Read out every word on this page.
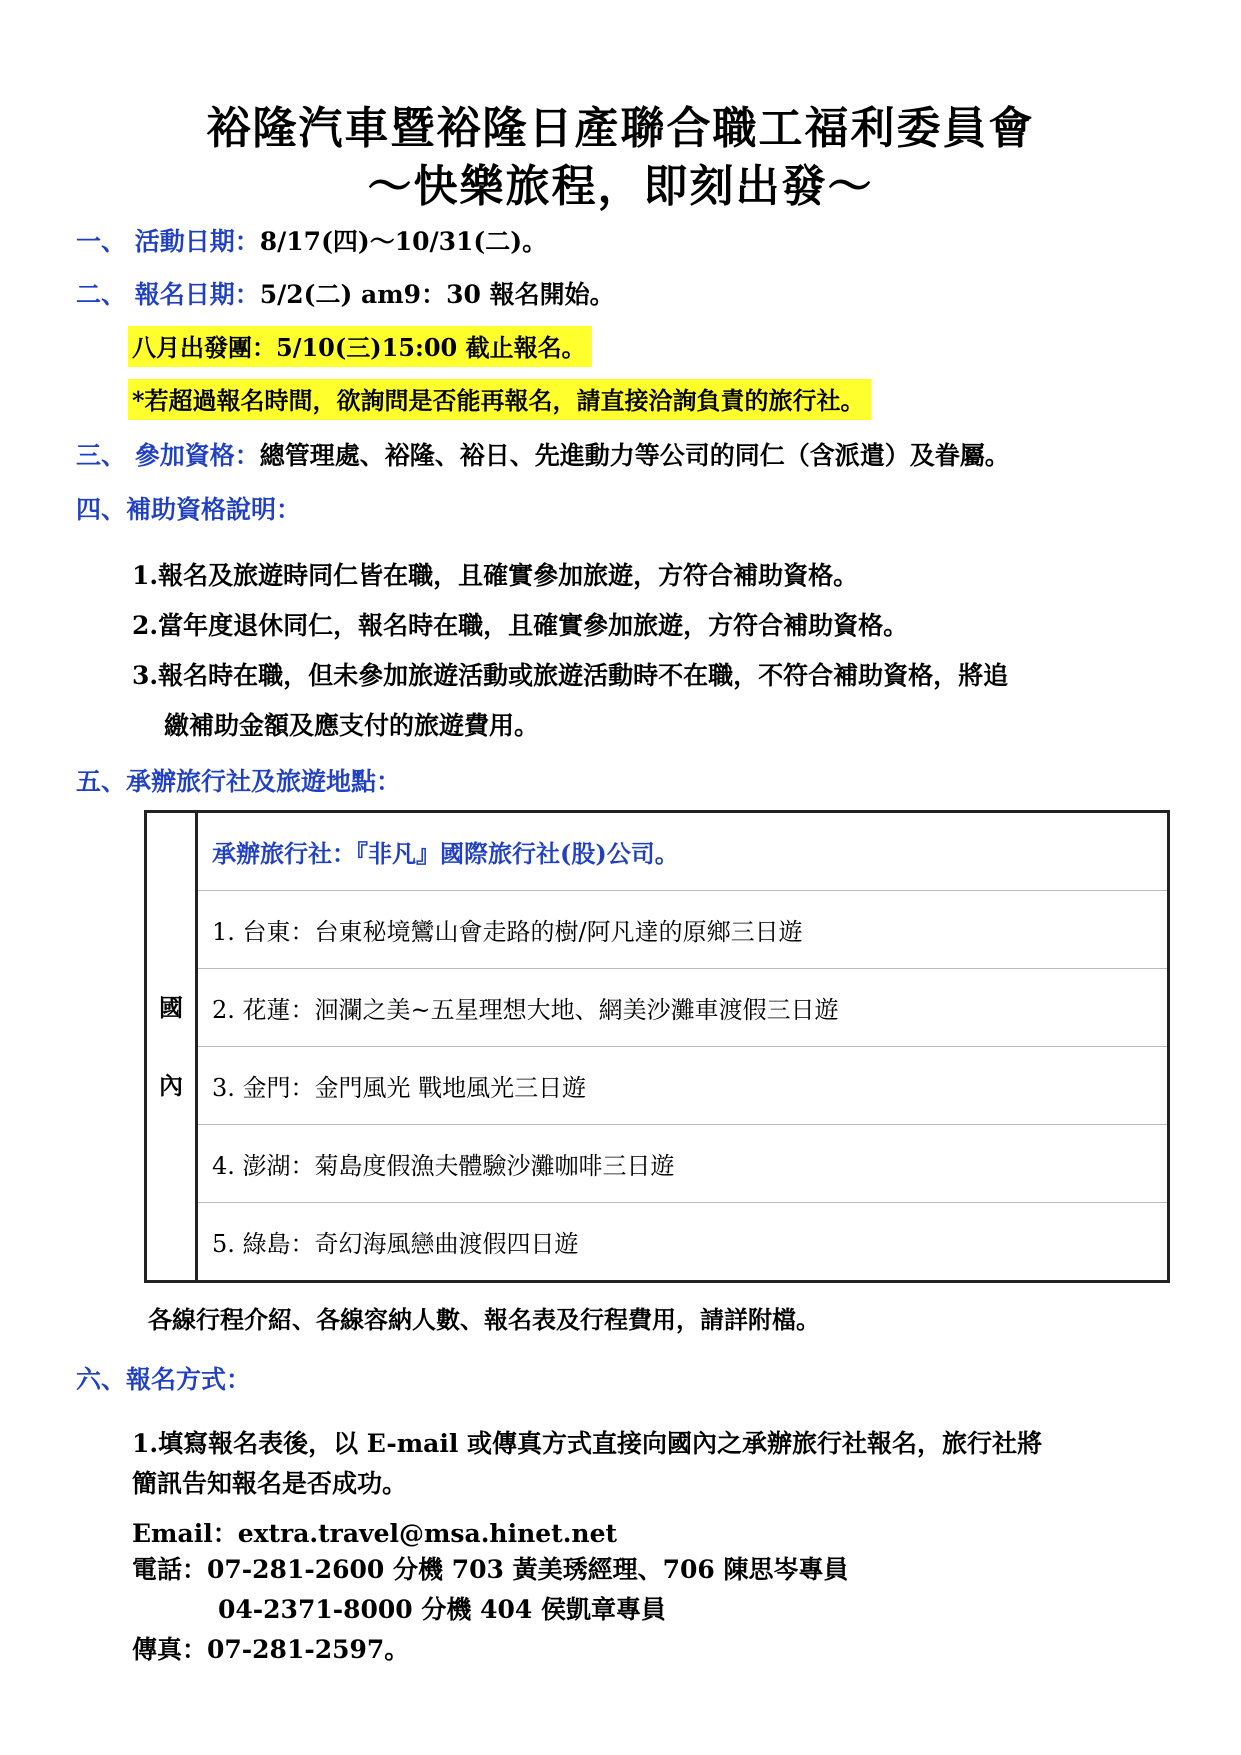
裕隆汽車暨裕隆日產聯合職工福利委員會
～快樂旅程，即刻出發～
一、 活動日期：8/17(四)～10/31(二)。
二、 報名日期：5/2(二) am9：30 報名開始。
八月出發團：5/10(三)15:00 截止報名。
*若超過報名時間，欲詢問是否能再報名，請直接洽詢負責的旅行社。
三、 參加資格：總管理處、裕隆、裕日、先進動力等公司的同仁（含派遣）及眷屬。
四、補助資格說明：
1.報名及旅遊時同仁皆在職，且確實參加旅遊，方符合補助資格。
2.當年度退休同仁，報名時在職，且確實參加旅遊，方符合補助資格。
3.報名時在職，但未參加旅遊活動或旅遊活動時不在職，不符合補助資格，將追
繳補助金額及應支付的旅遊費用。
五、承辦旅行社及旅遊地點：
國
內
	承辦旅行社：『非凡』國際旅行社(股)公司。
1. 台東：台東秘境鸞山會走路的樹/阿凡達的原鄉三日遊
2. 花蓮：洄瀾之美~五星理想大地、網美沙灘車渡假三日遊
3. 金門：金門風光 戰地風光三日遊
4. 澎湖：菊島度假漁夫體驗沙灘咖啡三日遊
5. 綠島：奇幻海風戀曲渡假四日遊
各線行程介紹、各線容納人數、報名表及行程費用，請詳附檔。
六、報名方式：
1.填寫報名表後，以 E-mail 或傳真方式直接向國內之承辦旅行社報名，旅行社將
簡訊告知報名是否成功。
Email：extra.travel@msa.hinet.net
電話：07-281-2600 分機 703 黃美琇經理、706 陳思岑專員
04-2371-8000 分機 404 侯凱章專員
傳真：07-281-2597。
